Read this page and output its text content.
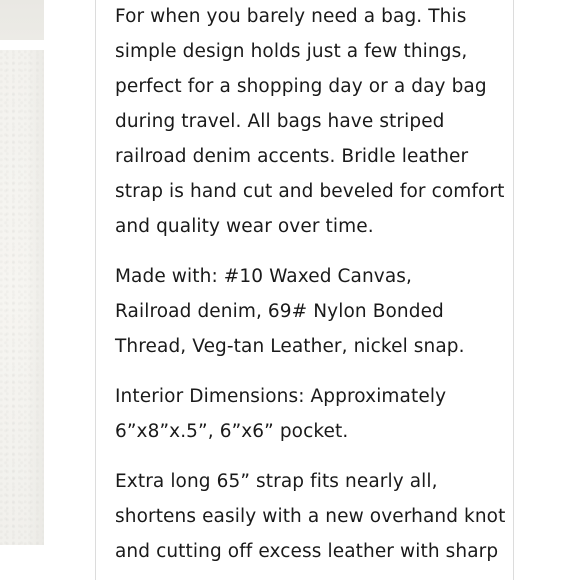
For when you barely need a bag. This
simple design holds just a few things,
perfect for a shopping day or a day bag
during travel. All bags have striped
railroad denim accents. Bridle leather
strap is hand cut and beveled for comfort
and quality wear over time.

Made with: #10 Waxed Canvas,
Railroad denim, 69# Nylon Bonded
Thread, Veg-tan Leather, nickel snap.

Interior Dimensions: Approximately
6”x8”x.5”, 6”x6” pocket.

Extra long 65” strap fits nearly all,
shortens easily with a new overhand knot
and cutting off excess leather with sharp
